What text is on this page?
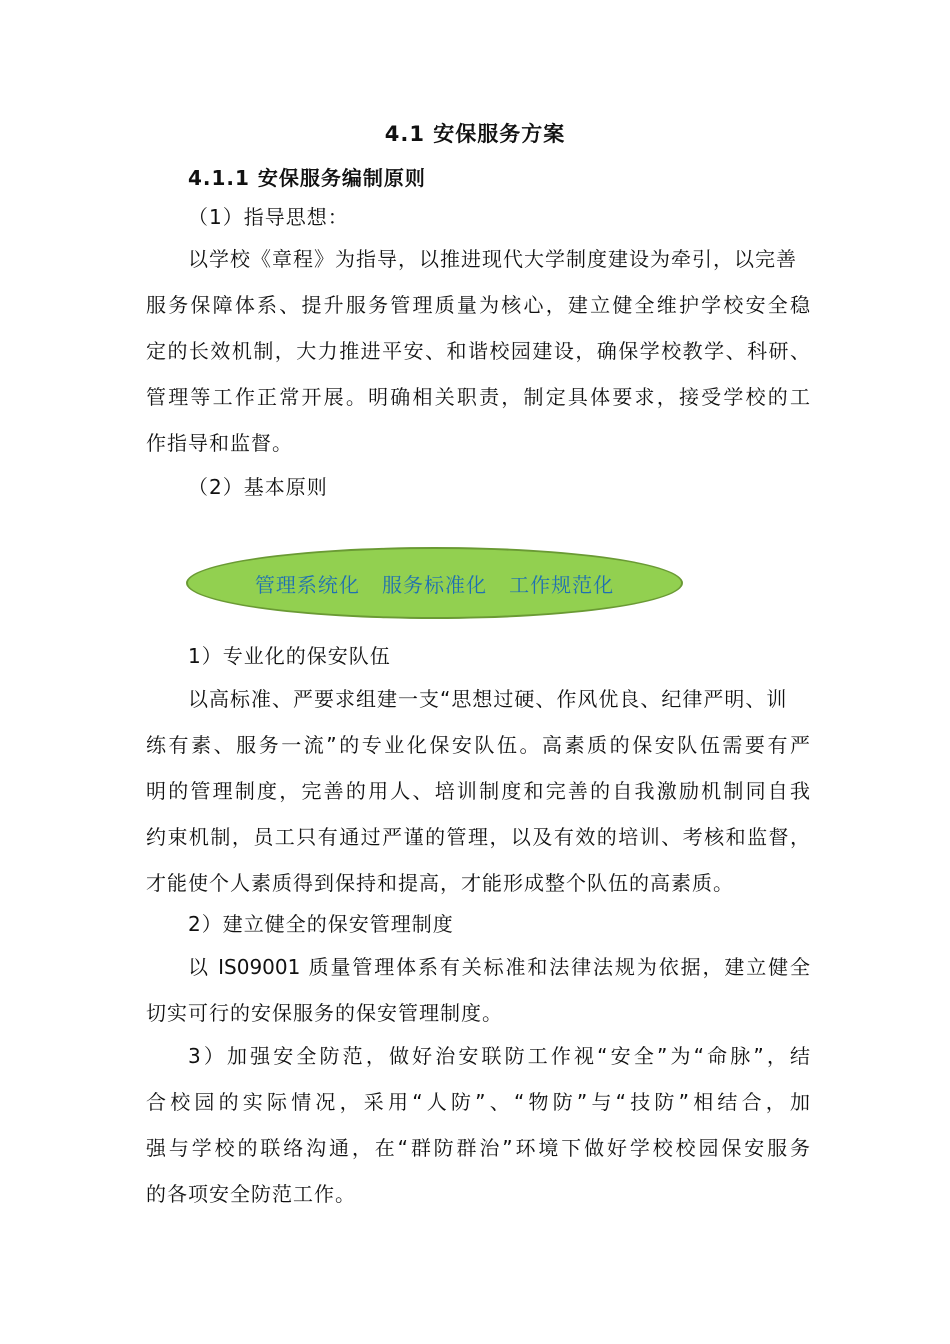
4.1 安保服务方案
4.1.1 安保服务编制原则
（1）指导思想：
以学校《章程》为指导，以推进现代大学制度建设为牵引，以完善
服务保障体系、提升服务管理质量为核心，建立健全维护学校安全稳
定的长效机制，大力推进平安、和谐校园建设，确保学校教学、科研、
管理等工作正常开展。明确相关职责，制定具体要求，接受学校的工
作指导和监督。
（2）基本原则
管理系统化   服务标准化   工作规范化
1）专业化的保安队伍
以高标准、严要求组建一支“思想过硬、作风优良、纪律严明、训
练有素、服务一流”的专业化保安队伍。高素质的保安队伍需要有严
明的管理制度，完善的用人、培训制度和完善的自我激励机制同自我
约束机制，员工只有通过严谨的管理，以及有效的培训、考核和监督，
才能使个人素质得到保持和提高，才能形成整个队伍的高素质。
2）建立健全的保安管理制度
以 IS09001 质量管理体系有关标准和法律法规为依据，建立健全
切实可行的安保服务的保安管理制度。
3）加强安全防范，做好治安联防工作视“安全”为“命脉”，结
合校园的实际情况，采用“人防”、“物防”与“技防”相结合，加
强与学校的联络沟通，在“群防群治”环境下做好学校校园保安服务
的各项安全防范工作。
